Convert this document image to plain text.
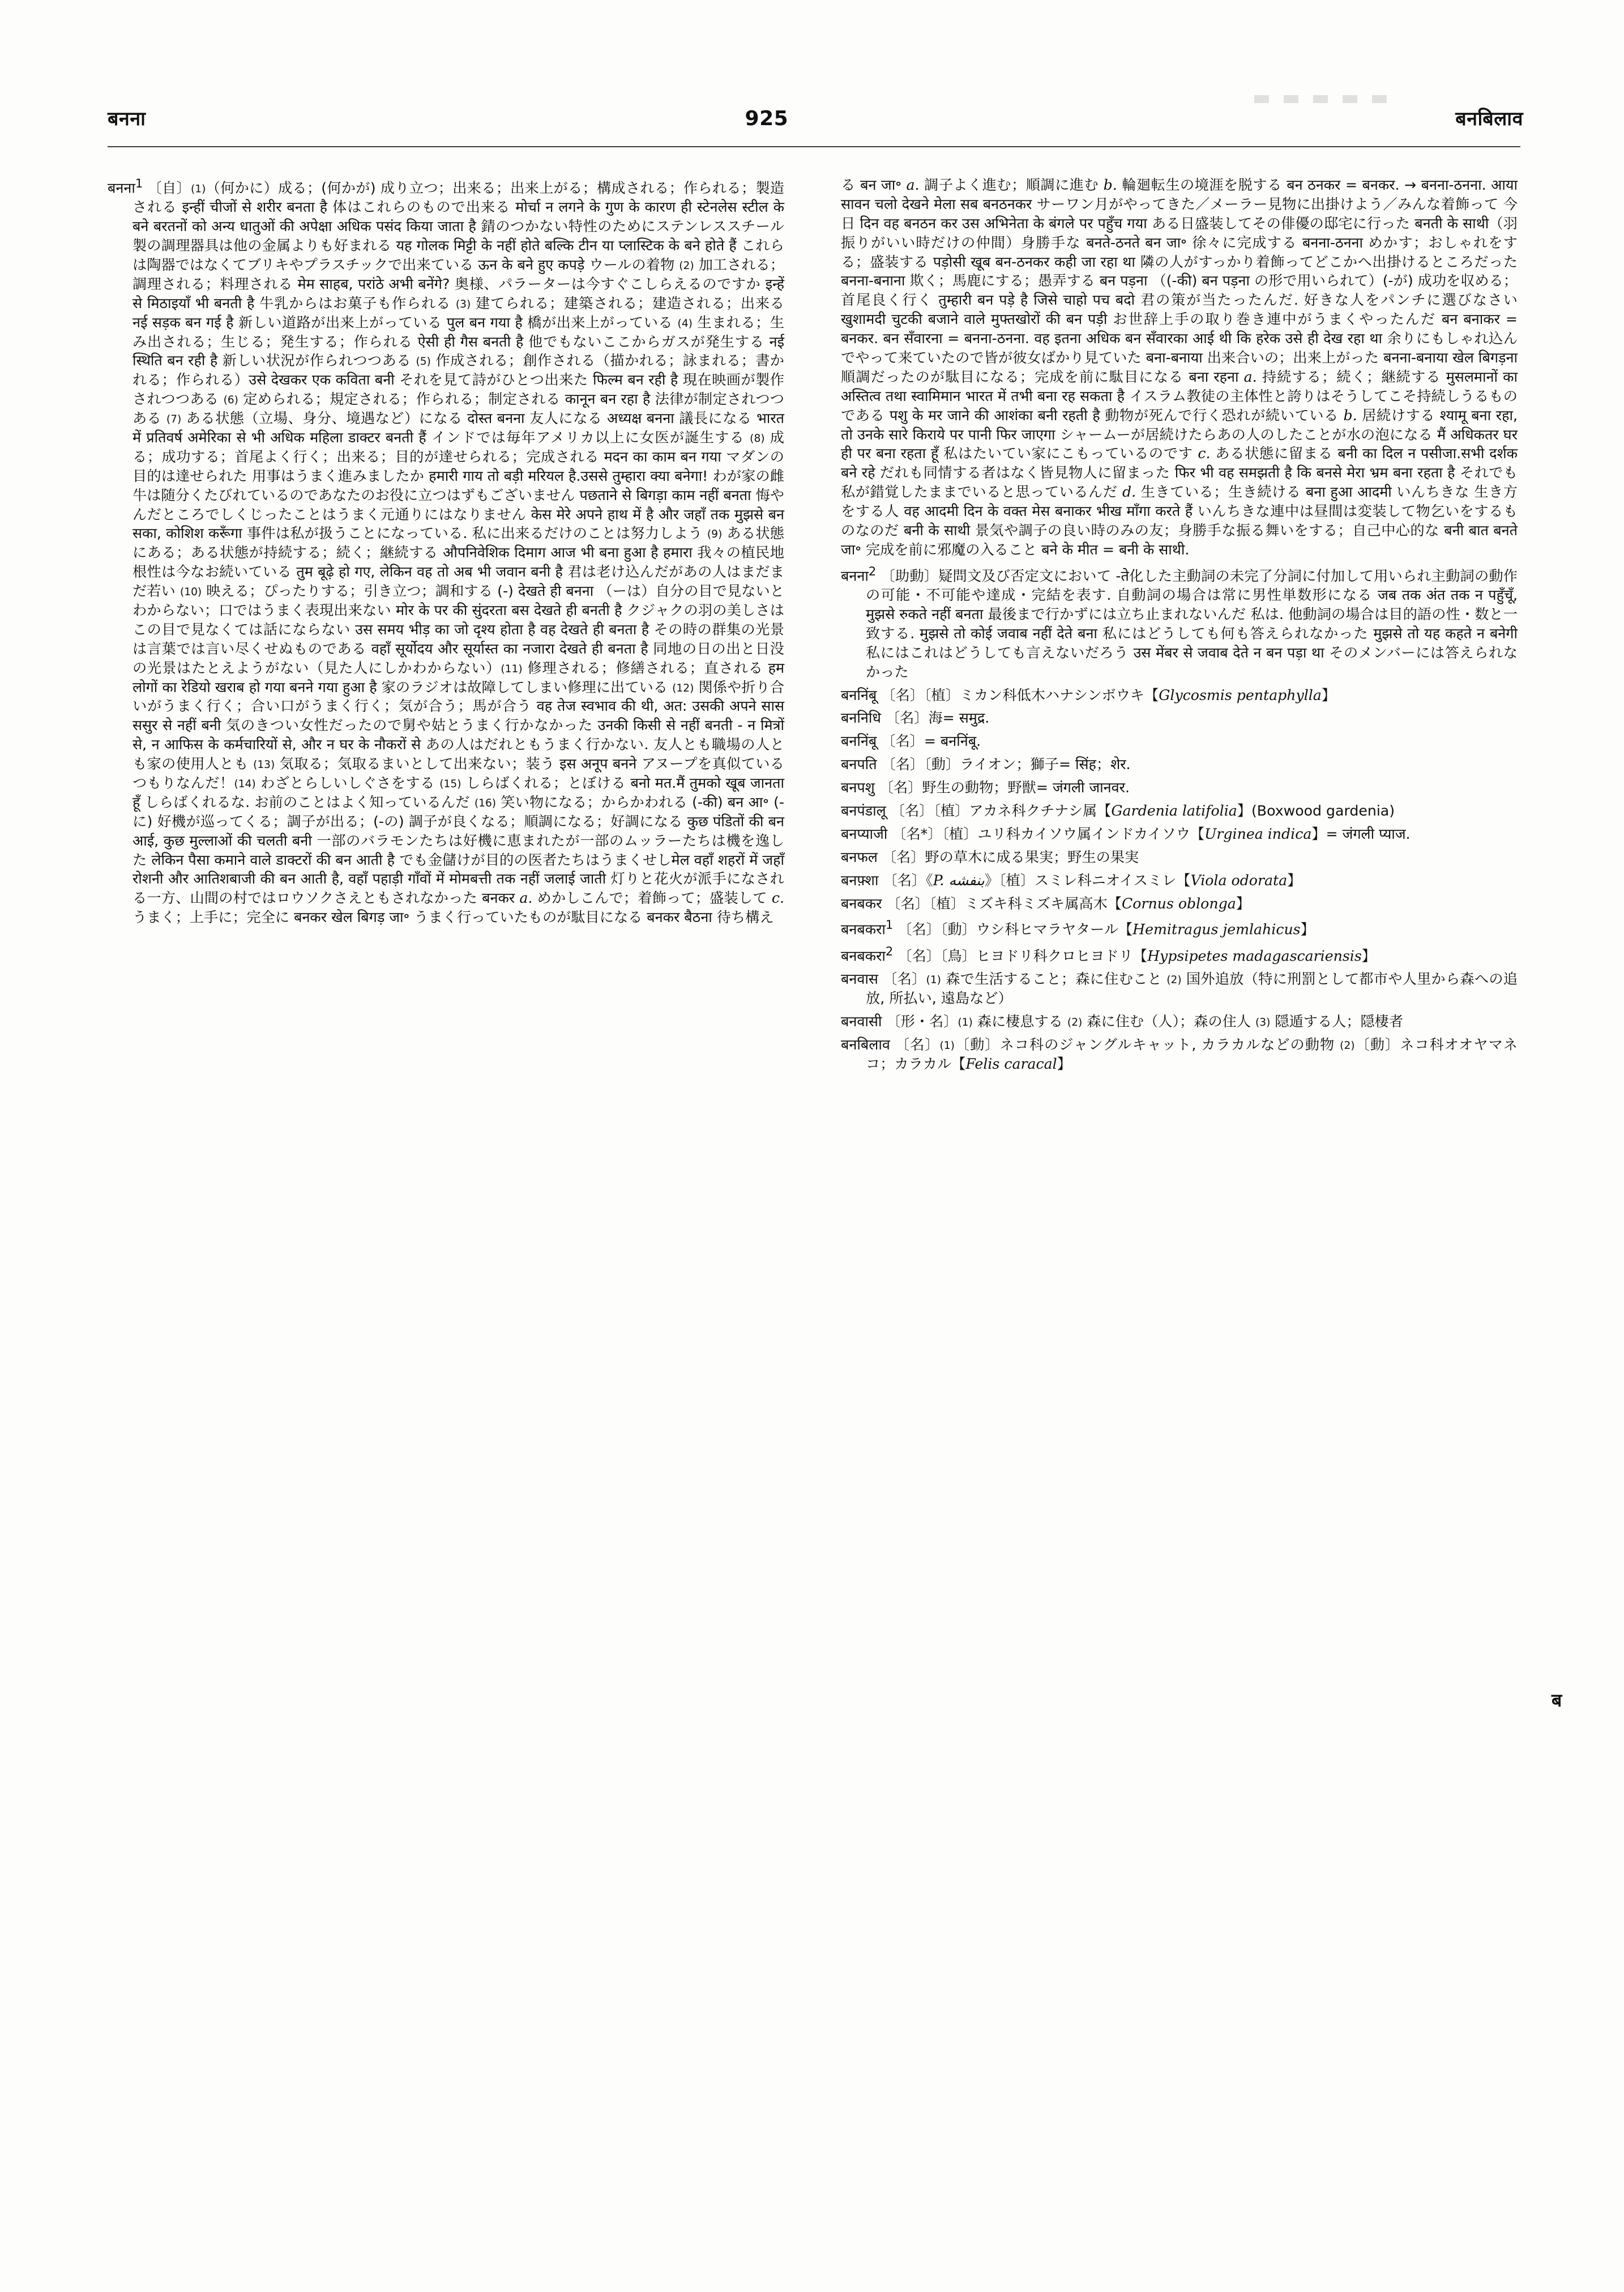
बनना	925	बनबिलाव
बनना$^1$ 〔自〕(1)（何かに）成る；(何かが) 成り立つ；出来る；出来上がる；構成される；作られる；製造される इन्हीं चीजों से शरीर बनता है 体はこれらのもので出来る मोर्चा न लगने के गुण के कारण ही स्टेनलेस स्टील के बने बरतनों को अन्य धातुओं की अपेक्षा अधिक पसंद किया जाता है 錆のつかない特性のためにステンレススチール製の調理器具は他の金属よりも好まれる यह गोलक मिट्टी के नहीं होते बल्कि टीन या प्लास्टिक के बने होते हैं これらは陶器ではなくてブリキやプラスチックで出来ている ऊन के बने हुए कपड़े ウールの着物 (2) 加工される；調理される；料理される मेम साहब, परांठे अभी बनेंगे? 奥様、パラーターは今すぐこしらえるのですか इन्हें से मिठाइयाँ भी बनती है 牛乳からはお菓子も作られる (3) 建てられる；建築される；建造される；出来る नई सड़क बन गई है 新しい道路が出来上がっている पुल बन गया है 橋が出来上がっている (4) 生まれる；生み出される；生じる；発生する；作られる ऐसी ही गैस बनती है 他でもないここからガスが発生する नई स्थिति बन रही है 新しい状況が作られつつある (5) 作成される；創作される（描かれる；詠まれる；書かれる；作られる）उसे देखकर एक कविता बनी それを見て詩がひとつ出来た फिल्म बन रही है 現在映画が製作されつつある (6) 定められる；規定される；作られる；制定される कानून बन रहा है 法律が制定されつつある (7) ある状態（立場、身分、境遇など）になる दोस्त बनना 友人になる अध्यक्ष बनना 議長になる भारत में प्रतिवर्ष अमेरिका से भी अधिक महिला डाक्टर बनती हैं インドでは毎年アメリカ以上に女医が誕生する (8) 成る；成功する；首尾よく行く；出来る；目的が達せられる；完成される मदन का काम बन गया マダンの目的は達せられた 用事はうまく進みましたか हमारी गाय तो बड़ी मरियल है.उससे तुम्हारा क्या बनेगा! わが家の雌牛は随分くたびれているのであなたのお役に立つはずもございません पछताने से बिगड़ा काम नहीं बनता 悔やんだところでしくじったことはうまく元通りにはなりません केस मेरे अपने हाथ में है और जहाँ तक मुझसे बन सका, कोशिश करूँगा 事件は私が扱うことになっている. 私に出来るだけのことは努力しよう (9) ある状態にある；ある状態が持続する；続く；継続する औपनिवेशिक दिमाग आज भी बना हुआ है हमारा 我々の植民地根性は今なお続いている तुम बूढ़े हो गए, लेकिन वह तो अब भी जवान बनी है 君は老け込んだがあの人はまだまだ若い (10) 映える；ぴったりする；引き立つ；調和する (-) देखते ही बनना （ーは）自分の目で見ないとわからない；口ではうまく表現出来ない मोर के पर की सुंदरता बस देखते ही बनती है クジャクの羽の美しさはこの目で見なくては話にならない उस समय भीड़ का जो दृश्य होता है वह देखते ही बनता है その時の群集の光景は言葉では言い尽くせぬものである वहाँ सूर्योदय और सूर्यास्त का नजारा देखते ही बनता है 同地の日の出と日没の光景はたとえようがない（見た人にしかわからない）(11) 修理される；修繕される；直される हम लोगों का रेडियो खराब हो गया बनने गया हुआ है 家のラジオは故障してしまい修理に出ている (12) 関係や折り合いがうまく行く；合い口がうまく行く；気が合う；馬が合う वह तेज स्वभाव की थी, अत: उसकी अपने सास ससुर से नहीं बनी 気のきつい女性だったので舅や姑とうまく行かなかった उनकी किसी से नहीं बनती - न मित्रों से, न आफिस के कर्मचारियों से, और न घर के नौकरों से あの人はだれともうまく行かない. 友人とも職場の人とも家の使用人とも (13) 気取る；気取るまいとして出来ない；装う इस अनूप बनने アヌープを真似ているつもりなんだ！(14) わざとらしいしぐさをする (15) しらばくれる；とぼける बनो मत.मैं तुमको खूब जानता हूँ しらばくれるな. お前のことはよく知っているんだ (16) 笑い物になる；からかわれる (-की) बन आ॰ (-に) 好機が巡ってくる；調子が出る；(-の) 調子が良くなる；順調になる；好調になる कुछ पंडितों की बन आई, कुछ मुल्लाओं की चलती बनी 一部のバラモンたちは好機に恵まれたが一部のムッラーたちは機を逸した लेकिन पैसा कमाने वाले डाक्टरों की बन आती है でも金儲けが目的の医者たちはうまくせしमेल वहाँ शहरों में जहाँ रोशनी और आतिशबाजी की बन आती है, वहाँ पहाड़ी गाँवों में मोमबत्ती तक नहीं जलाई जाती 灯りと花火が派手になされる一方、山間の村ではロウソクさえともされなかった बनकर a. めかしこんで；着飾って；盛装して c. うまく；上手に；完全に बनकर खेल बिगड़ जा॰ うまく行っていたものが駄目になる बनकर बैठना 待ち構え
る बन जा॰ a. 調子よく進む；順調に進む b. 輪廻転生の境涯を脱する बन ठनकर = बनकर. → बनना-ठनना. आया सावन चलो देखने मेला सब बनठनकर サーワン月がやってきた／メーラー見物に出掛けよう／みんな着飾って 今日 दिन वह बनठन कर उस अभिनेता के बंगले पर पहुँच गया ある日盛装してその俳優の邸宅に行った बनती के साथी（羽振りがいい時だけの仲間）身勝手な बनते-ठनते बन जा॰ 徐々に完成する बनना-ठनना めかす；おしゃれをする；盛装する पड़ोसी खूब बन-ठनकर कही जा रहा था 隣の人がすっかり着飾ってどこかへ出掛けるところだった बनना-बनाना 欺く；馬鹿にする；愚弄する बन पड़ना （(-की) बन पड़ना の形で用いられて）(-が) 成功を収める；首尾良く行く तुम्हारी बन पड़े है जिसे चाहो पच बदो 君の策が当たったんだ. 好きな人をパンチに選びなさい खुशामदी चुटकी बजाने वाले मुफ्तखोरों की बन पड़ी お世辞上手の取り巻き連中がうまくやったんだ बन बनाकर = बनकर. बन सँवारना = बनना-ठनना. वह इतना अधिक बन सँवारका आई थी कि हरेक उसे ही देख रहा था 余りにもしゃれ込んでやって来ていたので皆が彼女ばかり見ていた बना-बनाया 出来合いの；出来上がった बनना-बनाया खेल बिगड़ना 順調だったのが駄目になる；完成を前に駄目になる बना रहना a. 持続する；続く；継続する मुसलमानों का अस्तित्व तथा स्वामिमान भारत में तभी बना रह सकता है イスラム教徒の主体性と誇りはそうしてこそ持続しうるものである पशु के मर जाने की आशंका बनी रहती है 動物が死んで行く恐れが続いている b. 居続けする श्यामू बना रहा, तो उनके सारे किराये पर पानी फिर जाएगा シャームーが居続けたらあの人のしたことが水の泡になる मैं अधिकतर घर ही पर बना रहता हूँ 私はたいてい家にこもっているのです c. ある状態に留まる बनी का दिल न पसीजा.सभी दर्शक बने रहे だれも同情する者はなく皆見物人に留まった फिर भी वह समझती है कि बनसे मेरा भ्रम बना रहता है それでも私が錯覚したままでいると思っているんだ d. 生きている；生き続ける बना हुआ आदमी いんちきな 生き方をする人 वह आदमी दिन के वक्त मेस बनाकर भीख माँगा करते हैं いんちきな連中は昼間は変装して物乞いをするものなのだ बनी के साथी 景気や調子の良い時のみの友；身勝手な振る舞いをする；自己中心的な बनी बात बनते जा॰ 完成を前に邪魔の入ること बने के मीत = बनी के साथी.
बनना$^2$ 〔助動〕疑問文及び否定文において -ते化した主動詞の未完了分詞に付加して用いられ主動詞の動作の可能・不可能や達成・完結を表す. 自動詞の場合は常に男性単数形になる जब तक अंत तक न पहुँचूँ, मुझसे रुकते नहीं बनता 最後まで行かずには立ち止まれないんだ 私は. 他動詞の場合は目的語の性・数と一致する. मुझसे तो कोई जवाब नहीं देते बना 私にはどうしても何も答えられなかった मुझसे तो यह कहते न बनेगी 私にはこれはどうしても言えないだろう उस मेंबर से जवाब देते न बन पड़ा था そのメンバーには答えられなかった
बननिंबू 〔名〕〔植〕ミカン科低木ハナシンボウキ【Glycosmis pentaphylla】
बननिधि 〔名〕海= समुद्र.
बननिंबू 〔名〕= बननिंबू.
बनपति 〔名〕〔動〕ライオン；獅子= सिंह；शेर.
बनपशु 〔名〕野生の動物；野獣= जंगली जानवर.
बनपंडालू 〔名〕〔植〕アカネ科クチナシ属【Gardenia latifolia】(Boxwood gardenia)
बनप्याजी 〔名*〕〔植〕ユリ科カイソウ属インドカイソウ【Urginea indica】= जंगली प्याज.
बनफल 〔名〕野の草木に成る果実；野生の果実
बनफ़्शा 〔名〕《P. بنفشه》〔植〕スミレ科ニオイスミレ【Viola odorata】
बनबकर 〔名〕〔植〕ミズキ科ミズキ属高木【Cornus oblonga】
बनबकरा$^1$ 〔名〕〔動〕ウシ科ヒマラヤタール【Hemitragus jemlahicus】
बनबकरा$^2$ 〔名〕〔鳥〕ヒヨドリ科クロヒヨドリ【Hypsipetes madagascariensis】
बनवास 〔名〕(1) 森で生活すること；森に住むこと (2) 国外追放（特に刑罰として都市や人里から森への追放, 所払い, 遠島など）
बनवासी 〔形・名〕(1) 森に棲息する (2) 森に住む（人）；森の住人 (3) 隠遁する人；隠棲者
बनबिलाव 〔名〕(1)〔動〕ネコ科のジャングルキャット, カラカルなどの動物 (2)〔動〕ネコ科オオヤマネコ；カラカル【Felis caracal】
ब
